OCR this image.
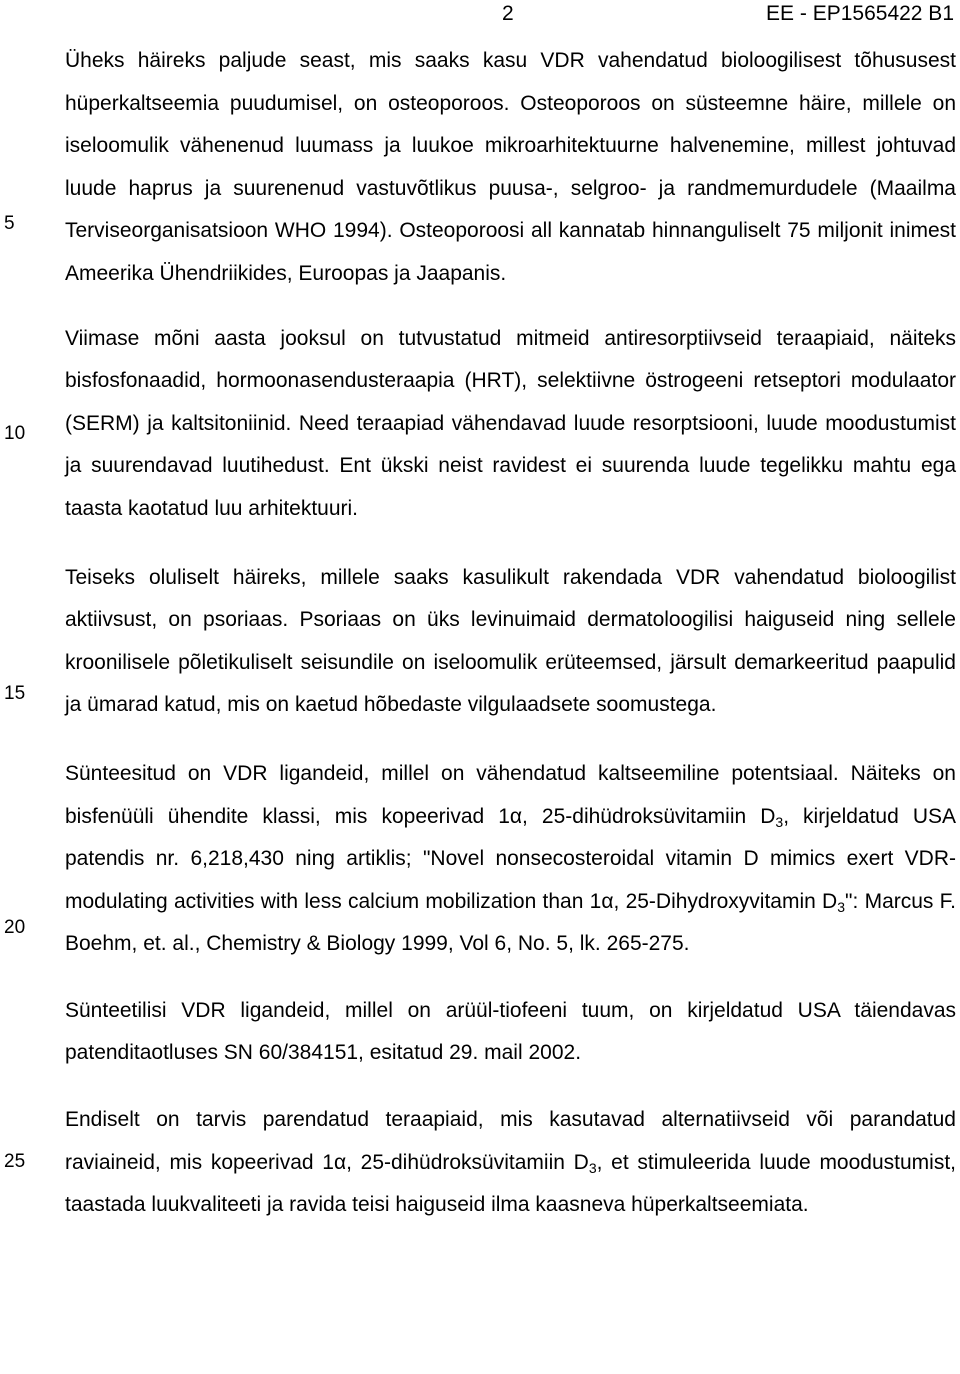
2	EE - EP1565422 B1
5
10
15
20
25

Üheks häireks paljude seast, mis saaks kasu VDR vahendatud bioloogilisest tõhususest hüperkaltseemia puudumisel, on osteoporoos. Osteoporoos on süsteemne häire, millele on iseloomulik vähenenud luumass ja luukoe mikroarhitektuurne halvenemine, millest johtuvad luude haprus ja suurenenud vastuvõtlikus puusa-, selgroo- ja randmemurdudele (Maailma Terviseorganisatsioon WHO 1994). Osteoporoosi all kannatab hinnanguliselt 75 miljonit inimest Ameerika Ühendriikides, Euroopas ja Jaapanis.

Viimase mõni aasta jooksul on tutvustatud mitmeid antiresorptiivseid teraapiaid, näiteks bisfosfonaadid, hormoonasendusteraapia (HRT), selektiivne östrogeeni retseptori modulaator (SERM) ja kaltsitoniinid. Need teraapiad vähendavad luude resorptsiooni, luude moodustumist ja suurendavad luutihedust. Ent ükski neist ravidest ei suurenda luude tegelikku mahtu ega taasta kaotatud luu arhitektuuri.

Teiseks oluliselt häireks, millele saaks kasulikult rakendada VDR vahendatud bioloogilist aktiivsust, on psoriaas. Psoriaas on üks levinuimaid dermatoloogilisi haiguseid ning sellele kroonilisele põletikuliselt seisundile on iseloomulik erüteemsed, järsult demarkeeritud paapulid ja ümarad katud, mis on kaetud hõbedaste vilgulaadsete soomustega.

Sünteesitud on VDR ligandeid, millel on vähendatud kaltseemiline potentsiaal. Näiteks on bisfenüüli ühendite klassi, mis kopeerivad 1α, 25-dihüdroksüvitamiin $D_3$, kirjeldatud USA patendis nr. 6,218,430 ning artiklis; "Novel nonsecosteroidal vitamin D mimics exert VDR-modulating activities with less calcium mobilization than 1α, 25-Dihydroxyvitamin $D_3$": Marcus F. Boehm, et. al., Chemistry & Biology 1999, Vol 6, No. 5, lk. 265-275.

Sünteetilisi VDR ligandeid, millel on arüül-tiofeeni tuum, on kirjeldatud USA täiendavas patenditaotluses SN 60/384151, esitatud 29. mail 2002.

Endiselt on tarvis parendatud teraapiaid, mis kasutavad alternatiivseid või parandatud raviaineid, mis kopeerivad 1α, 25-dihüdroksüvitamiin $D_3$, et stimuleerida luude moodustumist, taastada luukvaliteeti ja ravida teisi haiguseid ilma kaasneva hüperkaltseemiata.
